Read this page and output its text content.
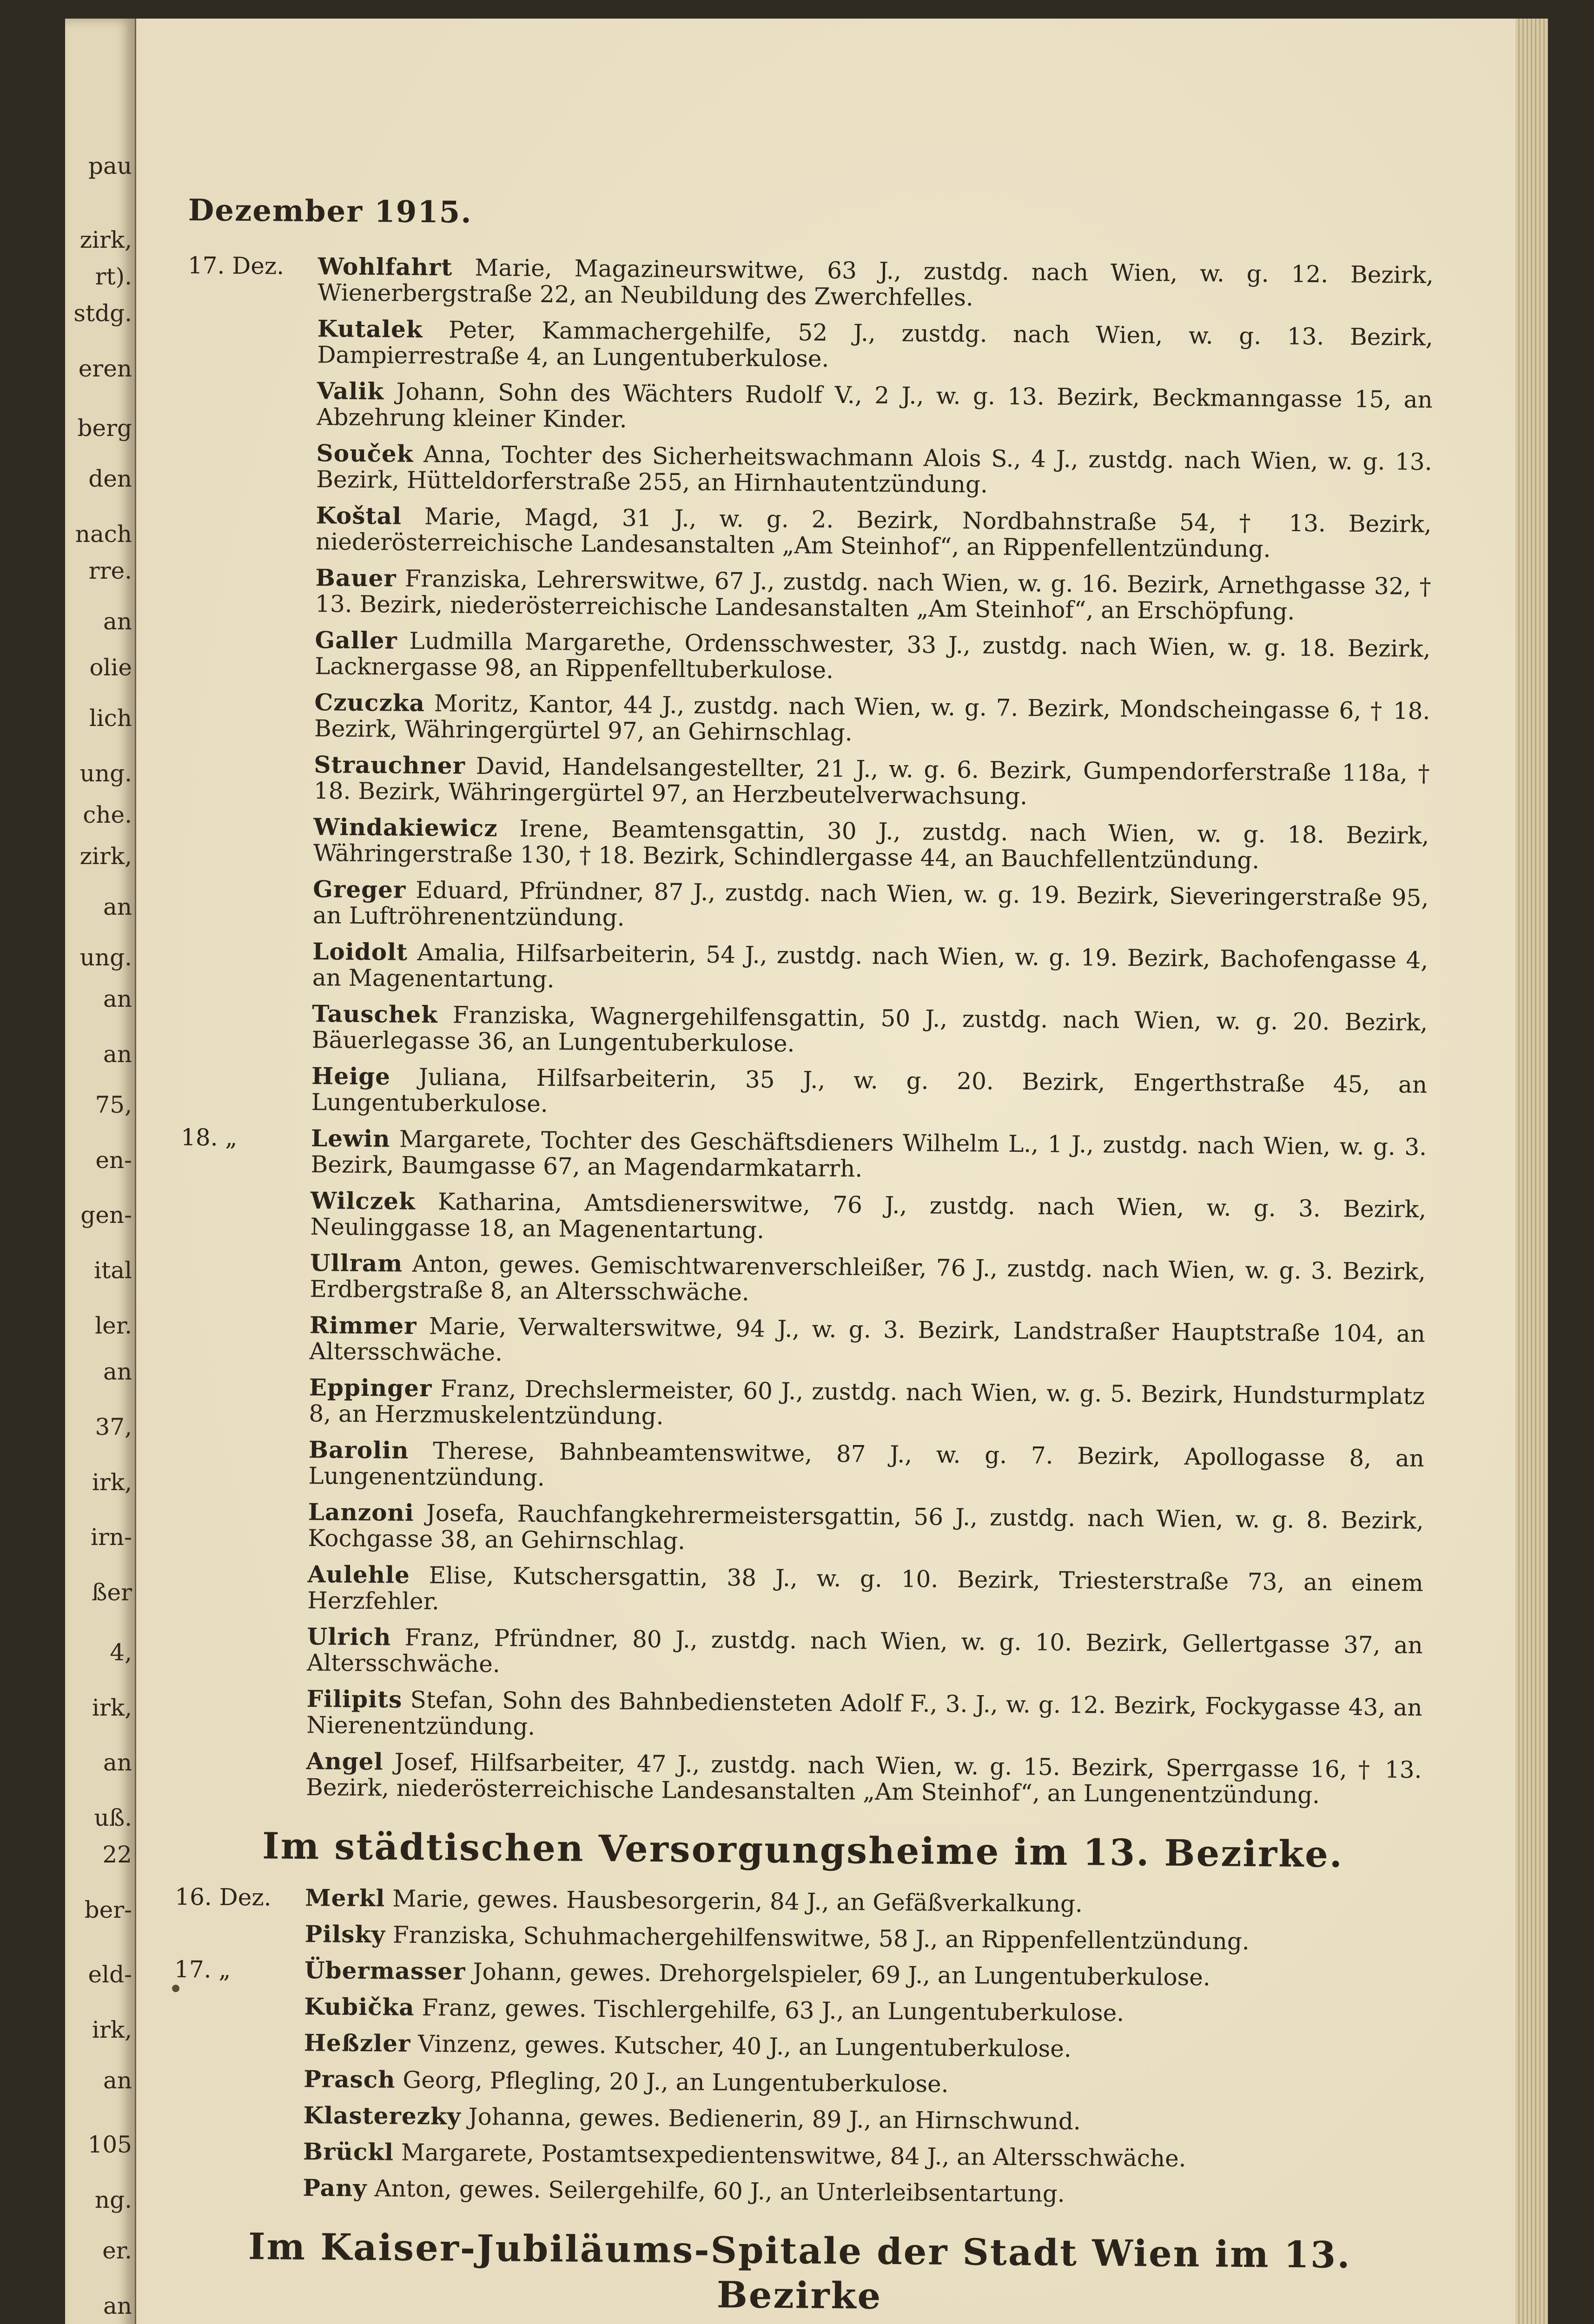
pau
zirk,
rt).
stdg.
eren
berg
den
nach
rre.
an
olie
lich
ung.
che.
zirk,
an
ung.
an
an
75,
en-
gen-
ital
ler.
an
37,
irk,
irn-
ßer
4,
irk,
an
uß.
22
ber-
eld-
irk,
an
105
ng.
er.
an
Dezember 1915.
17. Dez.	Wohlfahrt Marie, Magazineurswitwe, 63 J., zustdg. nach Wien, w. g. 12. Bezirk, Wienerbergstraße 22, an Neubildung des Zwerchfelles.
Kutalek Peter, Kammachergehilfe, 52 J., zustdg. nach Wien, w. g. 13. Bezirk, Dampierrestraße 4, an Lungentuberkulose.
Valik Johann, Sohn des Wächters Rudolf V., 2 J., w. g. 13. Bezirk, Beckmanngasse 15, an Abzehrung kleiner Kinder.
Souček Anna, Tochter des Sicherheitswachmann Alois S., 4 J., zustdg. nach Wien, w. g. 13. Bezirk, Hütteldorferstraße 255, an Hirnhautentzündung.
Koštal Marie, Magd, 31 J., w. g. 2. Bezirk, Nordbahnstraße 54, † 13. Bezirk, niederösterreichische Landesanstalten „Am Steinhof“, an Rippenfellentzündung.
Bauer Franziska, Lehrerswitwe, 67 J., zustdg. nach Wien, w. g. 16. Bezirk, Arnethgasse 32, † 13. Bezirk, niederösterreichische Landesanstalten „Am Steinhof“, an Erschöpfung.
Galler Ludmilla Margarethe, Ordensschwester, 33 J., zustdg. nach Wien, w. g. 18. Bezirk, Lacknergasse 98, an Rippenfelltuberkulose.
Czuczka Moritz, Kantor, 44 J., zustdg. nach Wien, w. g. 7. Bezirk, Mondscheingasse 6, † 18. Bezirk, Währingergürtel 97, an Gehirnschlag.
Strauchner David, Handelsangestellter, 21 J., w. g. 6. Bezirk, Gumpendorferstraße 118a, † 18. Bezirk, Währingergürtel 97, an Herzbeutelverwachsung.
Windakiewicz Irene, Beamtensgattin, 30 J., zustdg. nach Wien, w. g. 18. Bezirk, Währingerstraße 130, † 18. Bezirk, Schindlergasse 44, an Bauchfellentzündung.
Greger Eduard, Pfründner, 87 J., zustdg. nach Wien, w. g. 19. Bezirk, Sieveringerstraße 95, an Luftröhrenentzündung.
Loidolt Amalia, Hilfsarbeiterin, 54 J., zustdg. nach Wien, w. g. 19. Bezirk, Bachofengasse 4, an Magenentartung.
Tauschek Franziska, Wagnergehilfensgattin, 50 J., zustdg. nach Wien, w. g. 20. Bezirk, Bäuerlegasse 36, an Lungentuberkulose.
Heige Juliana, Hilfsarbeiterin, 35 J., w. g. 20. Bezirk, Engerthstraße 45, an Lungentuberkulose.
18. „	Lewin Margarete, Tochter des Geschäftsdieners Wilhelm L., 1 J., zustdg. nach Wien, w. g. 3. Bezirk, Baumgasse 67, an Magendarmkatarrh.
Wilczek Katharina, Amtsdienerswitwe, 76 J., zustdg. nach Wien, w. g. 3. Bezirk, Neulinggasse 18, an Magenentartung.
Ullram Anton, gewes. Gemischtwarenverschleißer, 76 J., zustdg. nach Wien, w. g. 3. Bezirk, Erdbergstraße 8, an Altersschwäche.
Rimmer Marie, Verwalterswitwe, 94 J., w. g. 3. Bezirk, Landstraßer Hauptstraße 104, an Altersschwäche.
Eppinger Franz, Drechslermeister, 60 J., zustdg. nach Wien, w. g. 5. Bezirk, Hundsturmplatz 8, an Herzmuskelentzündung.
Barolin Therese, Bahnbeamtenswitwe, 87 J., w. g. 7. Bezirk, Apollogasse 8, an Lungenentzündung.
Lanzoni Josefa, Rauchfangkehrermeistersgattin, 56 J., zustdg. nach Wien, w. g. 8. Bezirk, Kochgasse 38, an Gehirnschlag.
Aulehle Elise, Kutschersgattin, 38 J., w. g. 10. Bezirk, Triesterstraße 73, an einem Herzfehler.
Ulrich Franz, Pfründner, 80 J., zustdg. nach Wien, w. g. 10. Bezirk, Gellertgasse 37, an Altersschwäche.
Filipits Stefan, Sohn des Bahnbediensteten Adolf F., 3. J., w. g. 12. Bezirk, Fockygasse 43, an Nierenentzündung.
Angel Josef, Hilfsarbeiter, 47 J., zustdg. nach Wien, w. g. 15. Bezirk, Sperrgasse 16, † 13. Bezirk, niederösterreichische Landesanstalten „Am Steinhof“, an Lungenentzündung.
Im städtischen Versorgungsheime im 13. Bezirke.
16. Dez.	Merkl Marie, gewes. Hausbesorgerin, 84 J., an Gefäßverkalkung.
Pilsky Franziska, Schuhmachergehilfenswitwe, 58 J., an Rippenfellentzündung.
17. „	Übermasser Johann, gewes. Drehorgelspieler, 69 J., an Lungentuberkulose.
Kubička Franz, gewes. Tischlergehilfe, 63 J., an Lungentuberkulose.
Heßzler Vinzenz, gewes. Kutscher, 40 J., an Lungentuberkulose.
Prasch Georg, Pflegling, 20 J., an Lungentuberkulose.
Klasterezky Johanna, gewes. Bedienerin, 89 J., an Hirnschwund.
Brückl Margarete, Postamtsexpedientenswitwe, 84 J., an Altersschwäche.
Pany Anton, gewes. Seilergehilfe, 60 J., an Unterleibsentartung.
Im Kaiser-Jubiläums-Spitale der Stadt Wien im 13. Bezirke
